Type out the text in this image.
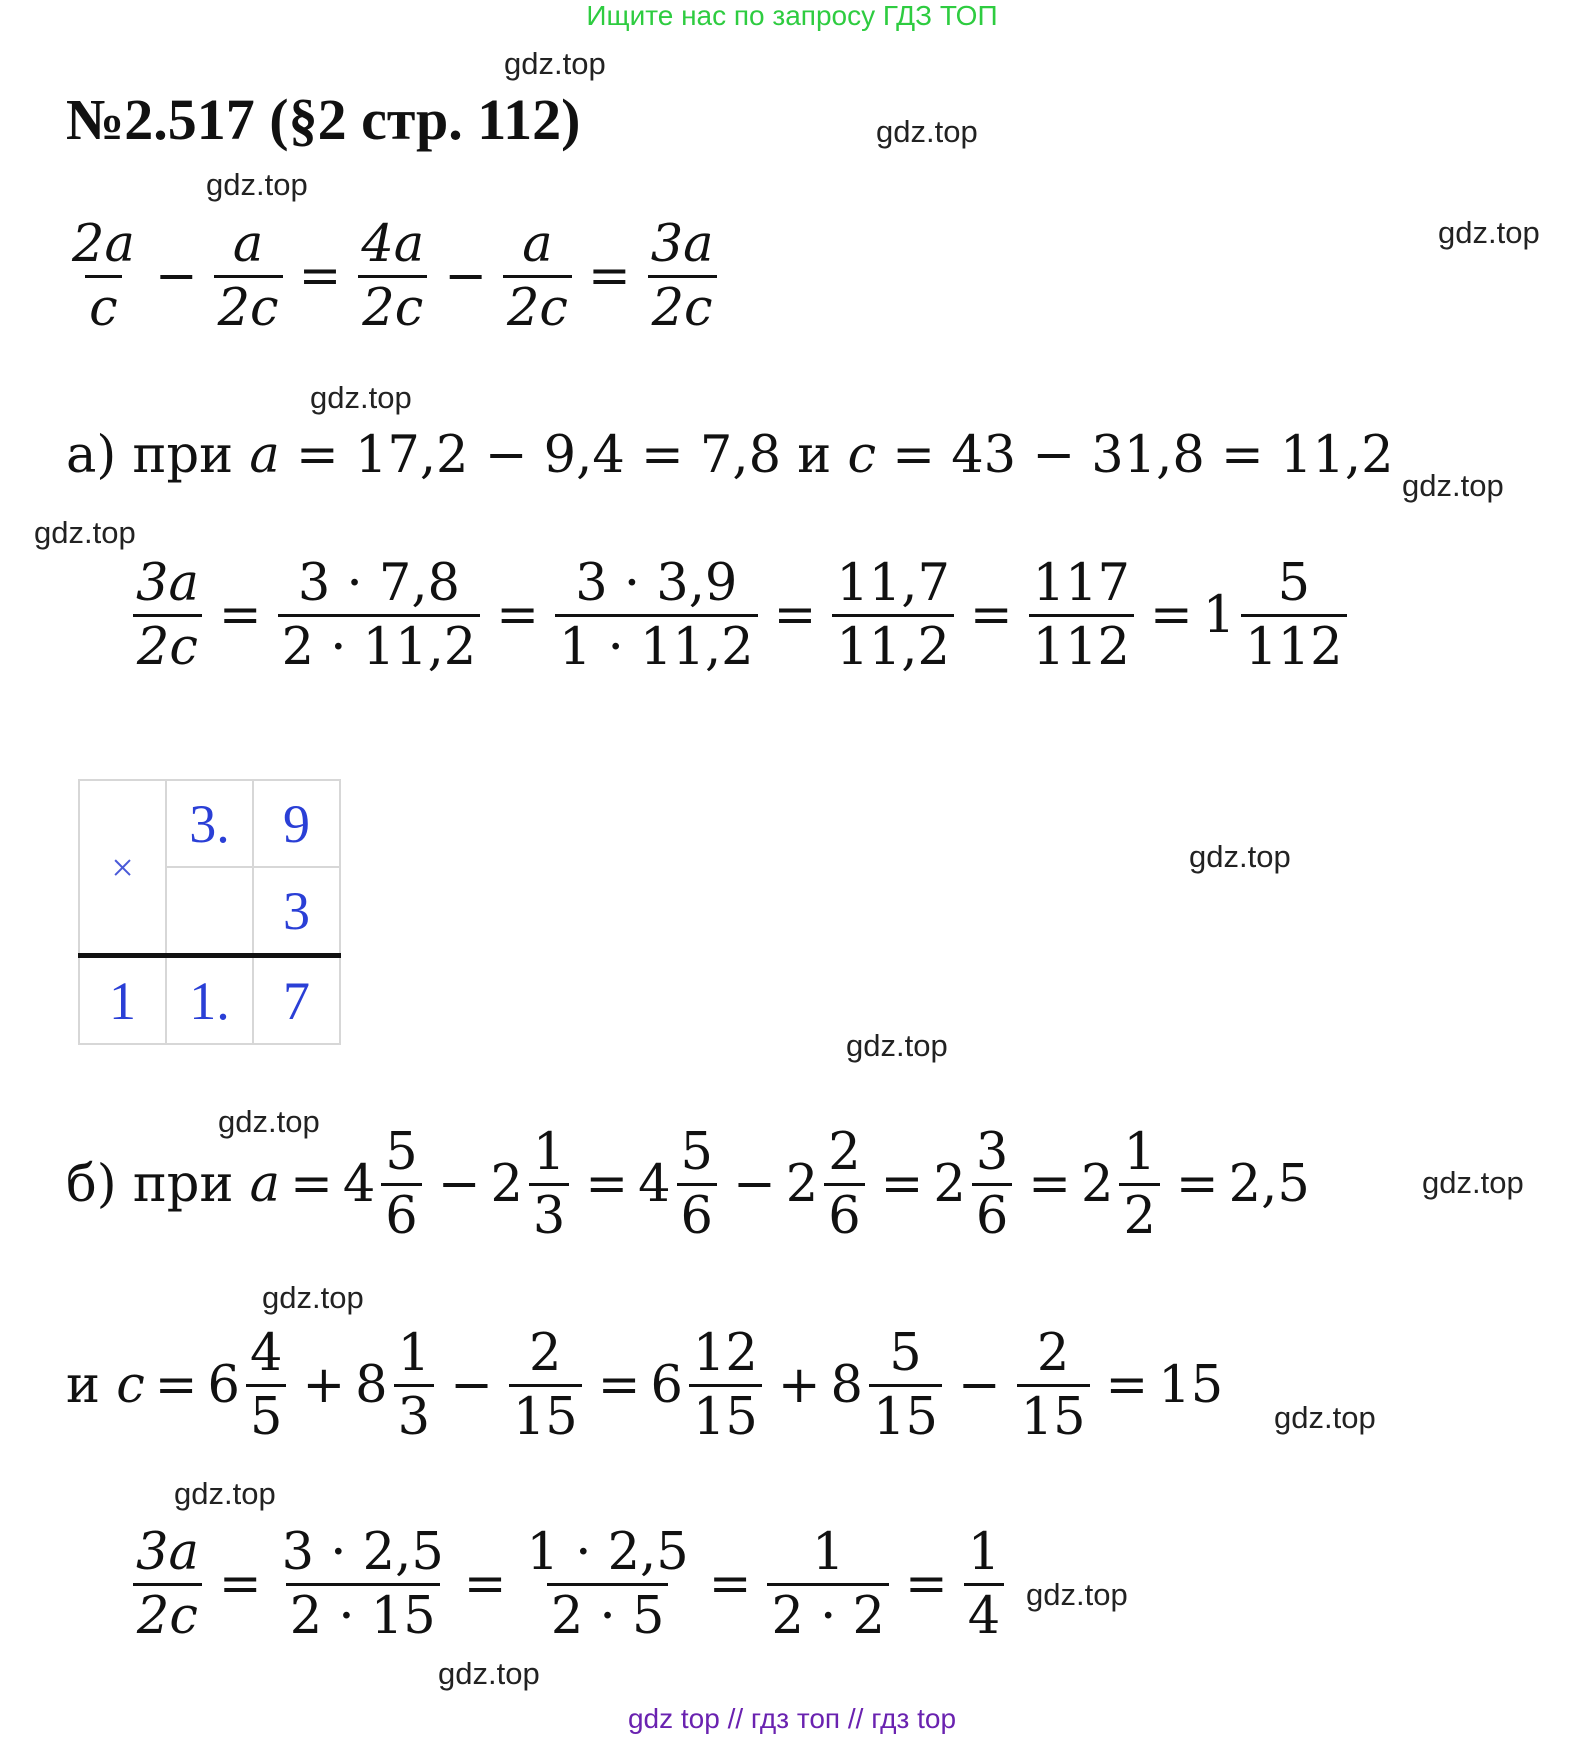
Ищите нас по запросу ГДЗ ТОП
gdz.top
gdz.top
gdz.top
gdz.top
gdz.top
gdz.top
gdz.top
gdz.top
gdz.top
gdz.top
gdz.top
gdz.top
gdz.top
gdz.top
gdz.top
gdz.top
№2.517 (§2 стр. 112)
$\frac{2a}{c} - \frac{a}{2c} = \frac{4a}{2c} - \frac{a}{2c} = \frac{3a}{2c}$
а) при
a
= 17,2 − 9,4 = 7,8
и
c
= 43 − 31,8 = 11,2
$\frac{3a}{2c} = \frac{3 \cdot 7,8}{2 \cdot 11,2} = \frac{3 \cdot 3,9}{1 \cdot 11,2} = \frac{11,7}{11,2} = \frac{117}{112} = 1 \frac{5}{112}$
×	3.	9
		3
1	1.	7
б) при
$a = 4 \frac{5}{6} - 2 \frac{1}{3} = 4 \frac{5}{6} - 2 \frac{2}{6} = 2 \frac{3}{6} = 2 \frac{1}{2} = 2,5$
и
$c = 6 \frac{4}{5} + 8 \frac{1}{3} - \frac{2}{15} = 6 \frac{12}{15} + 8 \frac{5}{15} - \frac{2}{15} = 15$
$\frac{3a}{2c} = \frac{3 \cdot 2,5}{2 \cdot 15} = \frac{1 \cdot 2,5}{2 \cdot 5} = \frac{1}{2 \cdot 2} = \frac{1}{4}$
gdz top // гдз топ // гдз top
